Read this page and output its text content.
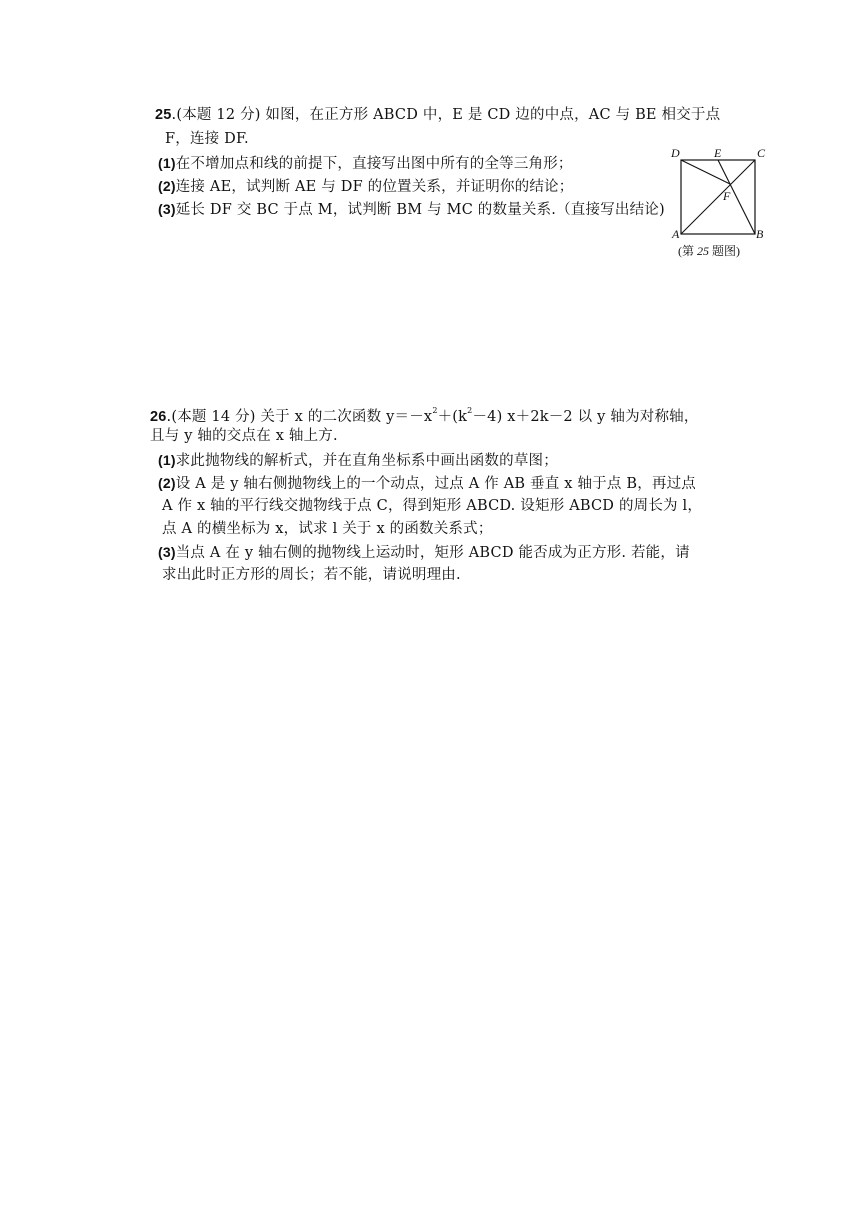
25.(本题 12 分) 如图，在正方形 ABCD 中，E 是 CD 边的中点，AC 与 BE 相交于点
F，连接 DF.
(1)在不增加点和线的前提下，直接写出图中所有的全等三角形；
(2)连接 AE，试判断 AE 与 DF 的位置关系，并证明你的结论；
(3)延长 DF 交 BC 于点 M，试判断 BM 与 MC 的数量关系.（直接写出结论)
D	E	C
F
A	B
(第 25 题图)
26.(本题 14 分) 关于 x 的二次函数 $y=-x^2+(k^2-4)$ x＋2k－2 以 y 轴为对称轴，
且与 y 轴的交点在 x 轴上方.
(1)求此抛物线的解析式，并在直角坐标系中画出函数的草图；
(2)设 A 是 y 轴右侧抛物线上的一个动点，过点 A 作 AB 垂直 x 轴于点 B，再过点
A 作 x 轴的平行线交抛物线于点 C，得到矩形 ABCD. 设矩形 ABCD 的周长为 l，
点 A 的横坐标为 x，试求 l 关于 x 的函数关系式；
(3)当点 A 在 y 轴右侧的抛物线上运动时，矩形 ABCD 能否成为正方形. 若能，请
求出此时正方形的周长；若不能，请说明理由.
